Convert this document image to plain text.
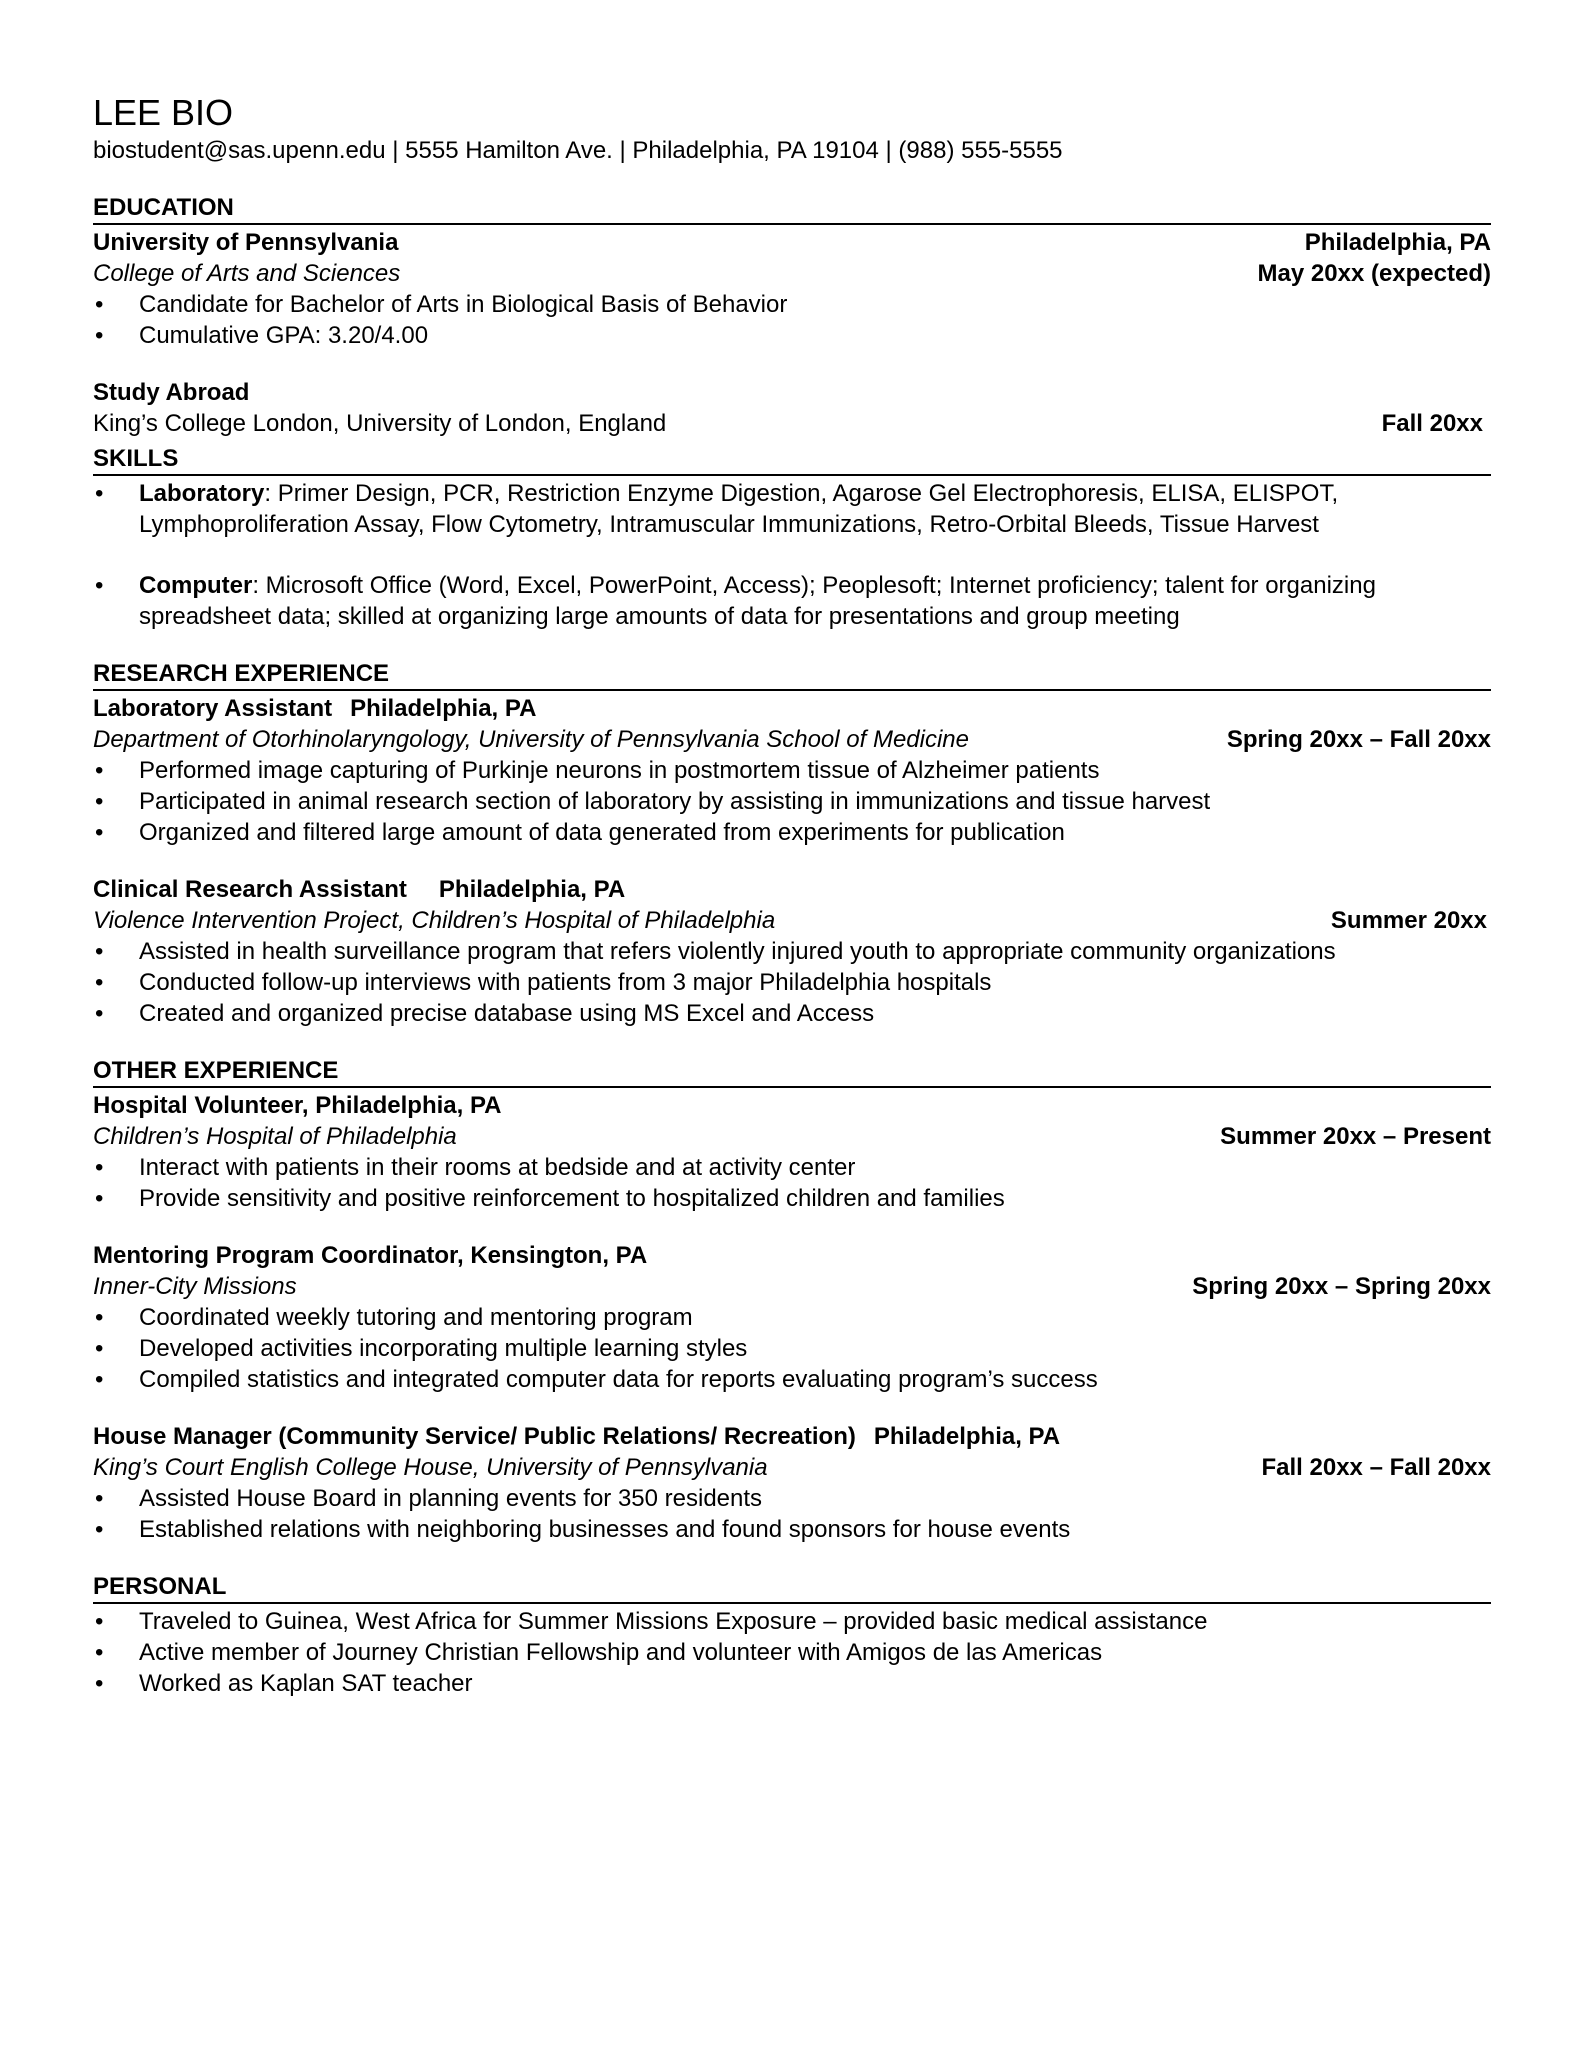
LEE BIO
biostudent@sas.upenn.edu | 5555 Hamilton Ave. | Philadelphia, PA 19104 | (988) 555-5555
EDUCATION
University of Pennsylvania	Philadelphia, PA
College of Arts and Sciences	May 20xx (expected)
• Candidate for Bachelor of Arts in Biological Basis of Behavior
• Cumulative GPA: 3.20/4.00
Study Abroad
King’s College London, University of London, England	Fall 20xx
SKILLS
• Laboratory: Primer Design, PCR, Restriction Enzyme Digestion, Agarose Gel Electrophoresis, ELISA, ELISPOT, Lymphoproliferation Assay, Flow Cytometry, Intramuscular Immunizations, Retro-Orbital Bleeds, Tissue Harvest
• Computer: Microsoft Office (Word, Excel, PowerPoint, Access); Peoplesoft; Internet proficiency; talent for organizing spreadsheet data; skilled at organizing large amounts of data for presentations and group meeting
RESEARCH EXPERIENCE
Laboratory Assistant Philadelphia, PA
Department of Otorhinolaryngology, University of Pennsylvania School of Medicine	Spring 20xx – Fall 20xx
• Performed image capturing of Purkinje neurons in postmortem tissue of Alzheimer patients
• Participated in animal research section of laboratory by assisting in immunizations and tissue harvest
• Organized and filtered large amount of data generated from experiments for publication
Clinical Research Assistant Philadelphia, PA
Violence Intervention Project, Children’s Hospital of Philadelphia	Summer 20xx
• Assisted in health surveillance program that refers violently injured youth to appropriate community organizations
• Conducted follow-up interviews with patients from 3 major Philadelphia hospitals
• Created and organized precise database using MS Excel and Access
OTHER EXPERIENCE
Hospital Volunteer, Philadelphia, PA
Children’s Hospital of Philadelphia	Summer 20xx – Present
• Interact with patients in their rooms at bedside and at activity center
• Provide sensitivity and positive reinforcement to hospitalized children and families
Mentoring Program Coordinator, Kensington, PA
Inner-City Missions	Spring 20xx – Spring 20xx
• Coordinated weekly tutoring and mentoring program
• Developed activities incorporating multiple learning styles
• Compiled statistics and integrated computer data for reports evaluating program’s success
House Manager (Community Service/ Public Relations/ Recreation) Philadelphia, PA
King’s Court English College House, University of Pennsylvania	Fall 20xx – Fall 20xx
• Assisted House Board in planning events for 350 residents
• Established relations with neighboring businesses and found sponsors for house events
PERSONAL
• Traveled to Guinea, West Africa for Summer Missions Exposure – provided basic medical assistance
• Active member of Journey Christian Fellowship and volunteer with Amigos de las Americas
• Worked as Kaplan SAT teacher
